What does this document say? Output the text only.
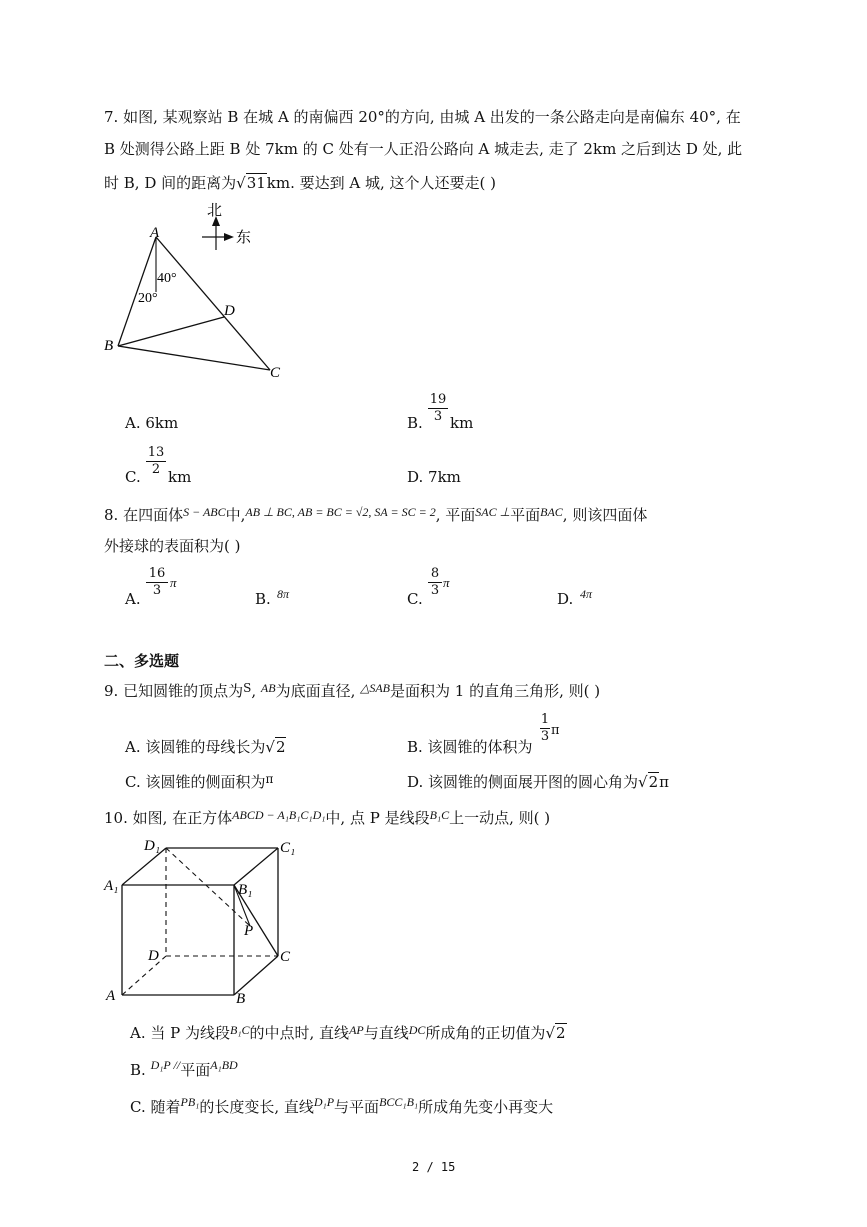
7. 如图, 某观察站 B 在城 A 的南偏西 20°的方向, 由城 A 出发的一条公路走向是南偏东 40°, 在
B 处测得公路上距 B 处 7km 的 C 处有一人正沿公路向 A 城走去, 走了 2km 之后到达 D 处, 此
时 B, D 间的距离为√31km. 要达到 A 城, 这个人还要走( )
北
东
40°
20°
A
B
C
D
A. 6km	B. $\frac{19}{3}$ km
C. $\frac{13}{2}$ km	D. 7km
8. 在四面体$^{S - ABC}$中,$^{AB \perp BC, AB = BC = √2, SA = SC = 2}$, 平面$^{SAC \perp}$平面$^{BAC}$, 则该四面体
外接球的表面积为( )
A. $\frac{16}{3}$ π
B. 8π	C. $\frac{8}{3}$ π
D. 4π
二、多选题
9. 已知圆锥的顶点为$^S$, $^{AB}$为底面直径, $^{\triangle SAB}$是面积为 1 的直角三角形, 则( )
A. 该圆锥的母线长为√2	B. 该圆锥的体积为
$\frac{1}{3}$ π
C. 该圆锥的侧面积为$^\pi$	D. 该圆锥的侧面展开图的圆心角为√2π
10. 如图, 在正方体$^{ABCD - A_1B_1C_1D_1}$中, 点 P 是线段$^{B_1C}$上一动点, 则( )
D₁	C₁
A₁	B₁
P
D	C
A	B
A. 当 P 为线段$^{B_1C}$的中点时, 直线$^{AP}$与直线$^{DC}$所成角的正切值为√2
B. $^{D_1P //}$平面$^{A_1BD}$
C. 随着$^{PB_1}$的长度变长, 直线$^{D_1P}$与平面$^{BCC_1B_1}$所成角先变小再变大
2 / 15
